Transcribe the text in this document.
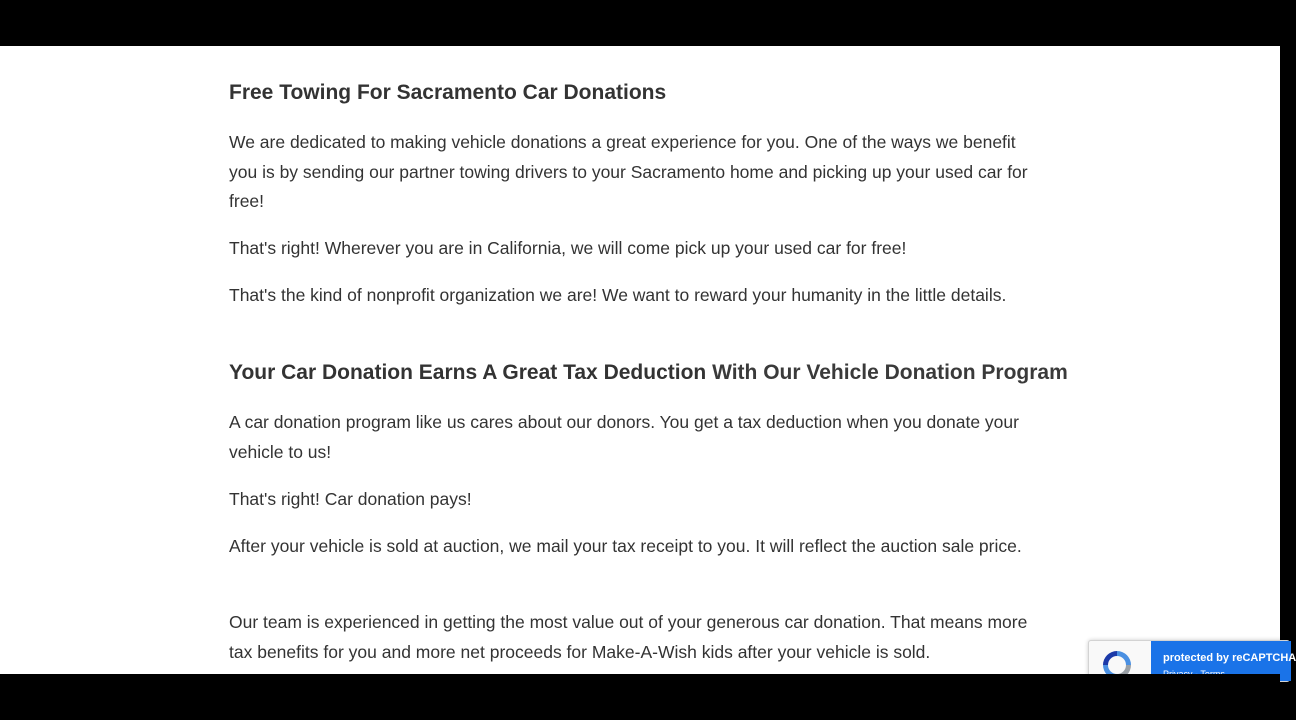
Free Towing For Sacramento Car Donations

We are dedicated to making vehicle donations a great experience for you. One of the ways we benefit you is by sending our partner towing drivers to your Sacramento home and picking up your used car for free!

That's right! Wherever you are in California, we will come pick up your used car for free!

That's the kind of nonprofit organization we are! We want to reward your humanity in the little details.

Your Car Donation Earns A Great Tax Deduction With Our Vehicle Donation Program

A car donation program like us cares about our donors. You get a tax deduction when you donate your vehicle to us!

That's right! Car donation pays!

After your vehicle is sold at auction, we mail your tax receipt to you. It will reflect the auction sale price.

Our team is experienced in getting the most value out of your generous car donation. That means more tax benefits for you and more net proceeds for Make-A-Wish kids after your vehicle is sold.	protected by reCAPTCHA
